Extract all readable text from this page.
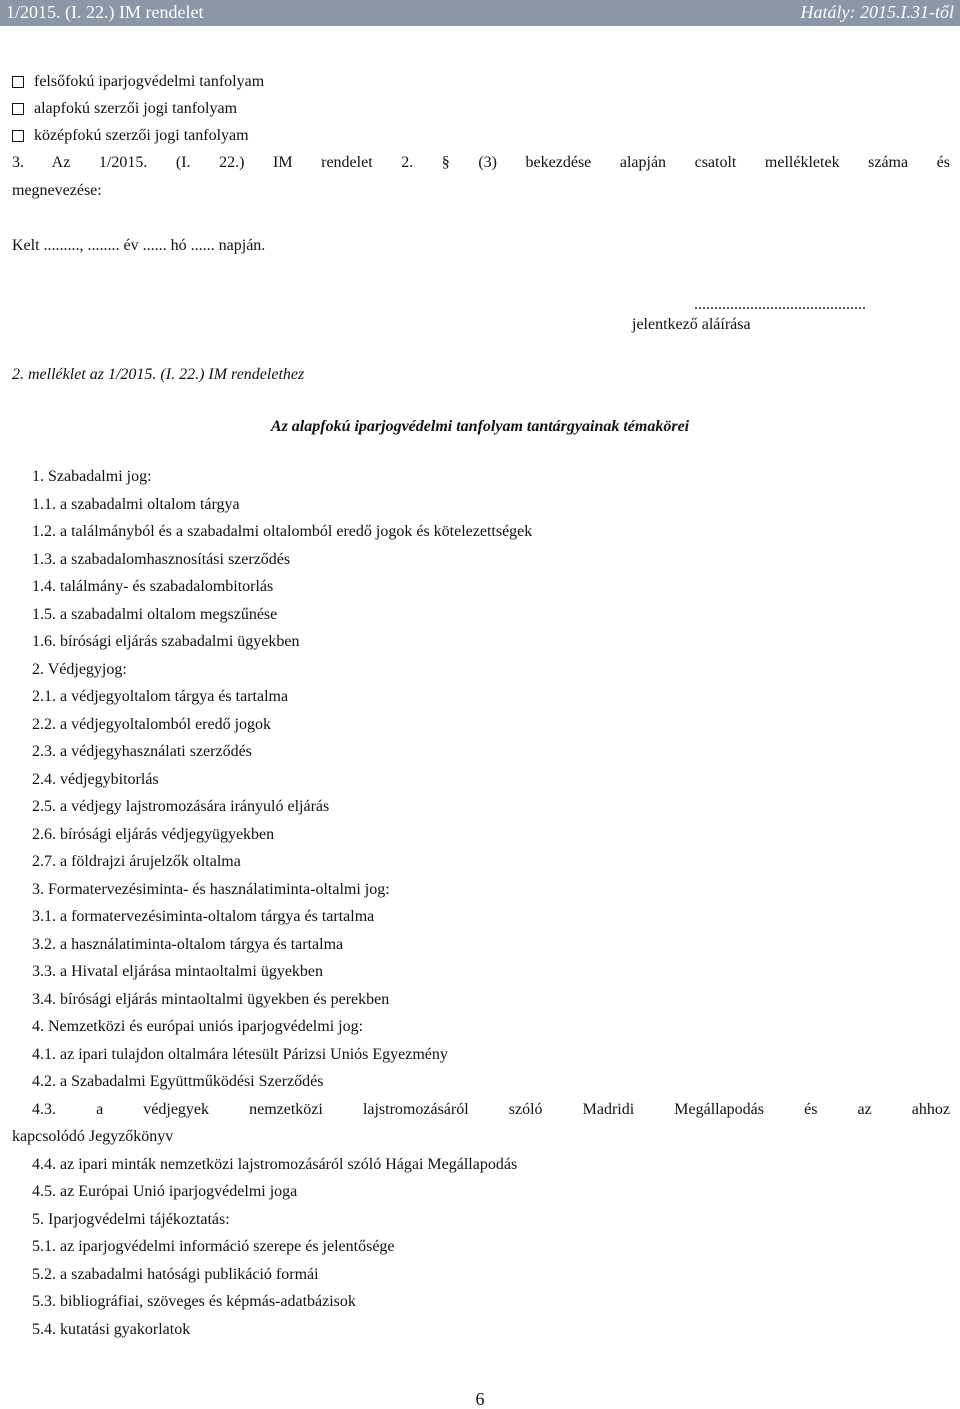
1/2015. (I. 22.) IM rendelet	Hatály: 2015.I.31-től
felsőfokú iparjogvédelmi tanfolyam
alapfokú szerzői jogi tanfolyam
középfokú szerzői jogi tanfolyam
3. Az 1/2015. (I. 22.) IM rendelet 2. § (3) bekezdése alapján csatolt mellékletek száma és
megnevezése:
Kelt ........., ........ év ...... hó ...... napján.
...........................................
jelentkező aláírása
2. melléklet az 1/2015. (I. 22.) IM rendelethez
Az alapfokú iparjogvédelmi tanfolyam tantárgyainak témakörei
1. Szabadalmi jog:
1.1. a szabadalmi oltalom tárgya
1.2. a találmányból és a szabadalmi oltalomból eredő jogok és kötelezettségek
1.3. a szabadalomhasznosítási szerződés
1.4. találmány- és szabadalombitorlás
1.5. a szabadalmi oltalom megszűnése
1.6. bírósági eljárás szabadalmi ügyekben
2. Védjegyjog:
2.1. a védjegyoltalom tárgya és tartalma
2.2. a védjegyoltalomból eredő jogok
2.3. a védjegyhasználati szerződés
2.4. védjegybitorlás
2.5. a védjegy lajstromozására irányuló eljárás
2.6. bírósági eljárás védjegyügyekben
2.7. a földrajzi árujelzők oltalma
3. Formatervezésiminta- és használatiminta-oltalmi jog:
3.1. a formatervezésiminta-oltalom tárgya és tartalma
3.2. a használatiminta-oltalom tárgya és tartalma
3.3. a Hivatal eljárása mintaoltalmi ügyekben
3.4. bírósági eljárás mintaoltalmi ügyekben és perekben
4. Nemzetközi és európai uniós iparjogvédelmi jog:
4.1. az ipari tulajdon oltalmára létesült Párizsi Uniós Egyezmény
4.2. a Szabadalmi Együttműködési Szerződés
4.3. a védjegyek nemzetközi lajstromozásáról szóló Madridi Megállapodás és az ahhoz
kapcsolódó Jegyzőkönyv
4.4. az ipari minták nemzetközi lajstromozásáról szóló Hágai Megállapodás
4.5. az Európai Unió iparjogvédelmi joga
5. Iparjogvédelmi tájékoztatás:
5.1. az iparjogvédelmi információ szerepe és jelentősége
5.2. a szabadalmi hatósági publikáció formái
5.3. bibliográfiai, szöveges és képmás-adatbázisok
5.4. kutatási gyakorlatok
6
